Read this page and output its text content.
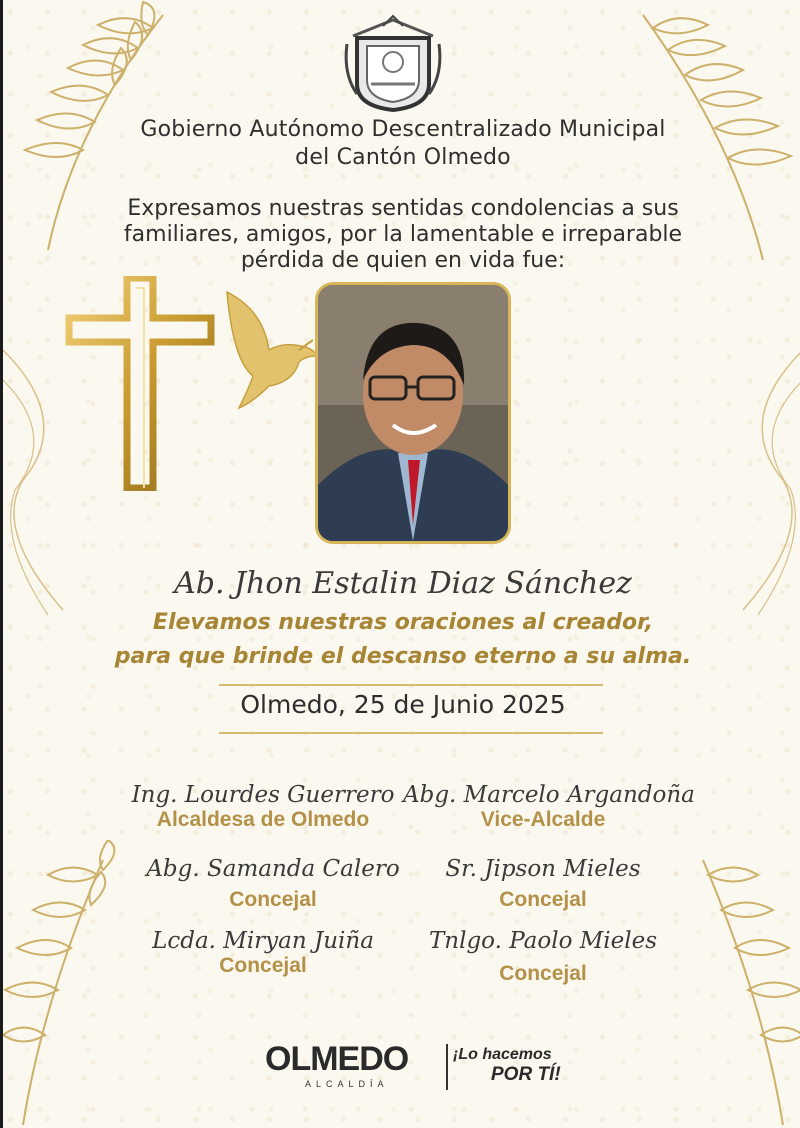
Gobierno Autónomo Descentralizado Municipal
del Cantón Olmedo
Expresamos nuestras sentidas condolencias a sus
familiares, amigos, por la lamentable e irreparable
pérdida de quien en vida fue:
Ab. Jhon Estalin Diaz Sánchez
Elevamos nuestras oraciones al creador,
para que brinde el descanso eterno a su alma.
Olmedo, 25 de Junio 2025
Ing. Lourdes Guerrero
Alcaldesa de Olmedo
Abg. Marcelo Argandoña
Vice-Alcalde
Abg. Samanda Calero
Concejal
Sr. Jipson Mieles
Concejal
Lcda. Miryan Juiña
Concejal
Tnlgo. Paolo Mieles
Concejal
OLMEDO
ALCALDÍA
¡Lo hacemos
POR TÍ!
